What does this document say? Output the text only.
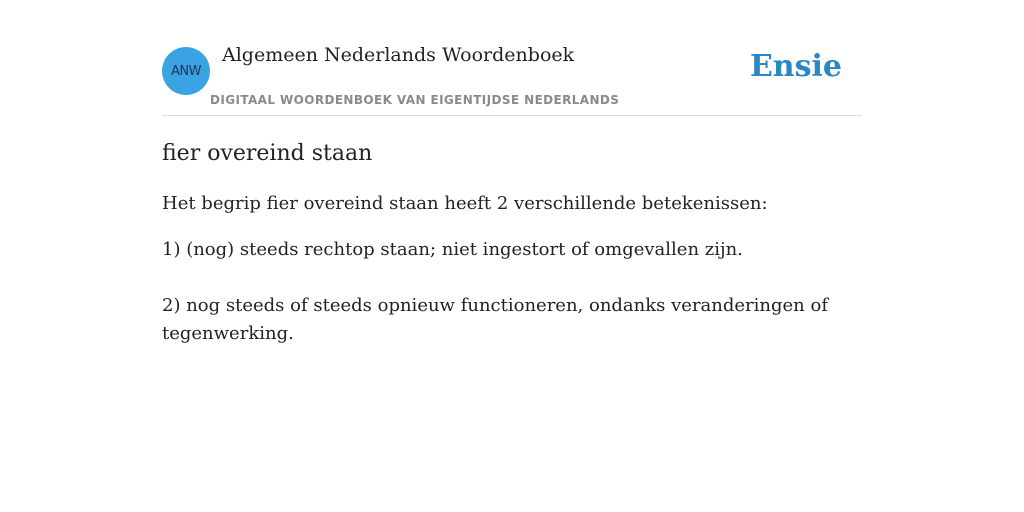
ANW
Algemeen Nederlands Woordenboek
DIGITAAL WOORDENBOEK VAN EIGENTIJDSE NEDERLANDS
Ensie
fier overeind staan

Het begrip fier overeind staan heeft 2 verschillende betekenissen:

1) (nog) steeds rechtop staan; niet ingestort of omgevallen zijn.
2) nog steeds of steeds opnieuw functioneren, ondanks veranderingen of tegenwerking.
